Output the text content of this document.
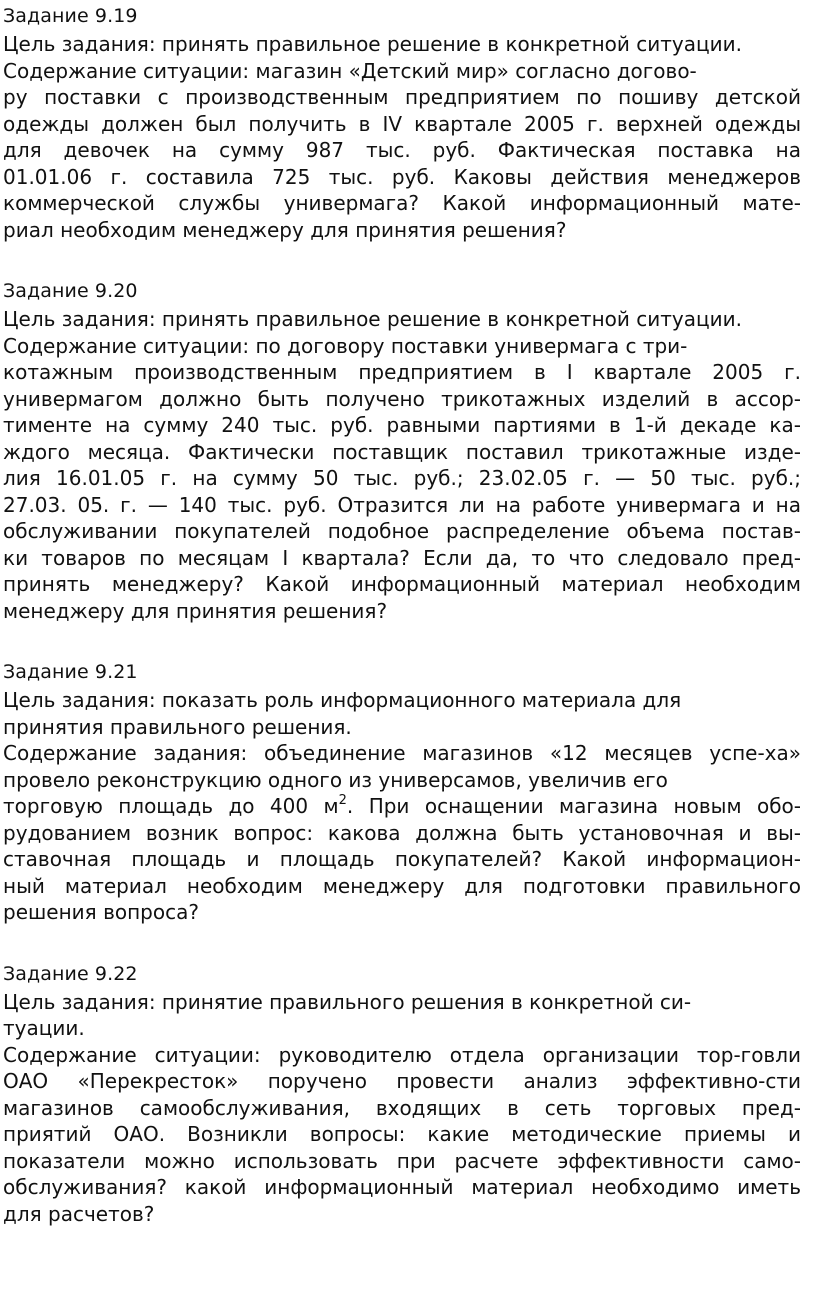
Задание 9.19
Цель задания: принять правильное решение в конкретной ситуации.
Содержание ситуации: магазин «Детский мир» согласно догово-
ру поставки с производственным предприятием по пошиву детской
одежды должен был получить в IV квартале 2005 г. верхней одежды
для девочек на сумму 987 тыс. руб. Фактическая поставка на
01.01.06 г. составила 725 тыс. руб. Каковы действия менеджеров
коммерческой службы универмага? Какой информационный мате-
риал необходим менеджеру для принятия решения?
Задание 9.20
Цель задания: принять правильное решение в конкретной ситуации.
Содержание ситуации: по договору поставки универмага с три-
котажным производственным предприятием в I квартале 2005 г.
универмагом должно быть получено трикотажных изделий в ассор-
тименте на сумму 240 тыс. руб. равными партиями в 1-й декаде ка-
ждого месяца. Фактически поставщик поставил трикотажные изде-
лия 16.01.05 г. на сумму 50 тыс. руб.; 23.02.05 г. — 50 тыс. руб.;
27.03. 05. г. — 140 тыс. руб. Отразится ли на работе универмага и на
обслуживании покупателей подобное распределение объема постав-
ки товаров по месяцам I квартала? Если да, то что следовало пред-
принять менеджеру? Какой информационный материал необходим
менеджеру для принятия решения?
Задание 9.21
Цель задания: показать роль информационного материала для
принятия правильного решения.
Содержание задания: объединение магазинов «12 месяцев успе-ха»
провело реконструкцию одного из универсамов, увеличив его
торговую площадь до 400 $м^2$. При оснащении магазина новым обо-
рудованием возник вопрос: какова должна быть установочная и вы-
ставочная площадь и площадь покупателей? Какой информацион-
ный материал необходим менеджеру для подготовки правильного
решения вопроса?
Задание 9.22
Цель задания: принятие правильного решения в конкретной си-
туации.
Содержание ситуации: руководителю отдела организации тор-говли
ОАО «Перекресток» поручено провести анализ эффективно-сти
магазинов самообслуживания, входящих в сеть торговых пред-
приятий ОАО. Возникли вопросы: какие методические приемы и
показатели можно использовать при расчете эффективности само-
обслуживания? какой информационный материал необходимо иметь
для расчетов?
